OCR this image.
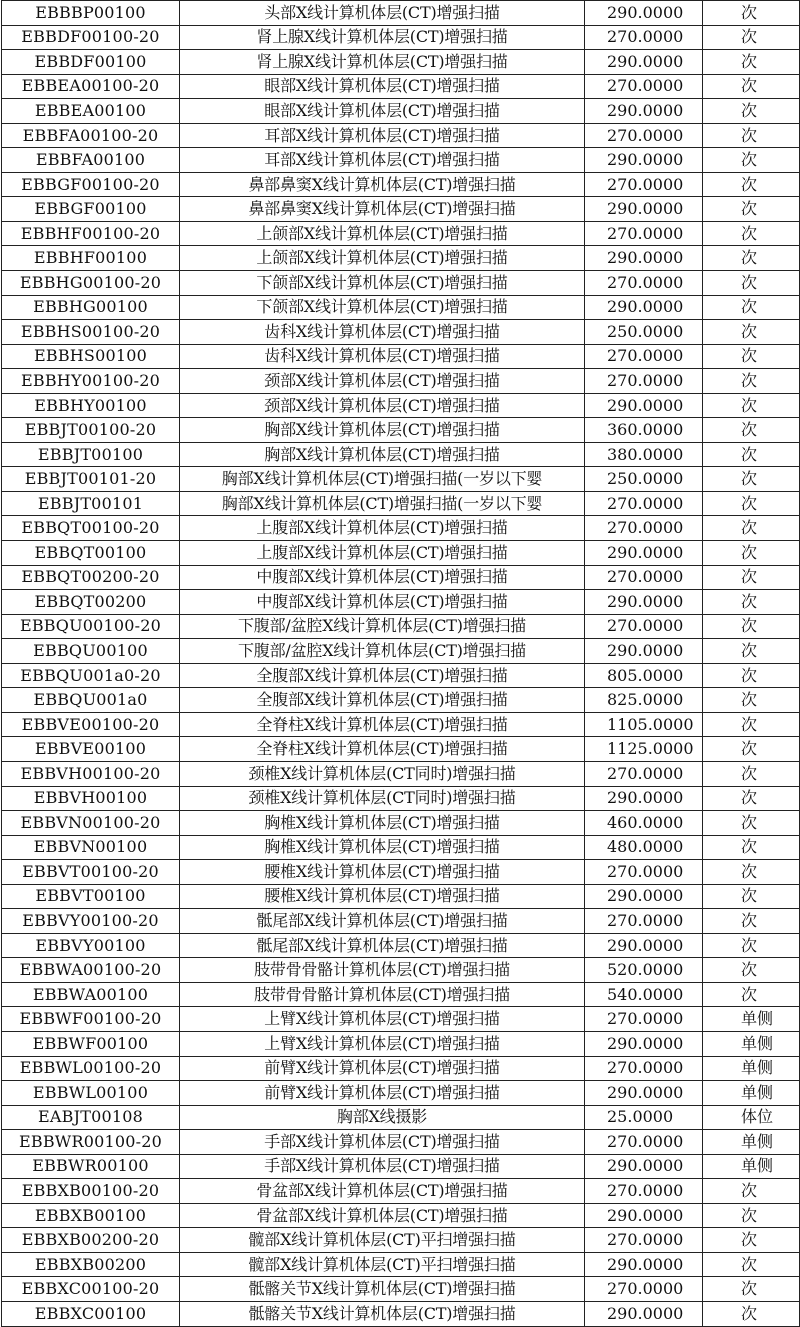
EBBBP00100	头部X线计算机体层(CT)增强扫描	290.0000	次
EBBDF00100-20	肾上腺X线计算机体层(CT)增强扫描	270.0000	次
EBBDF00100	肾上腺X线计算机体层(CT)增强扫描	290.0000	次
EBBEA00100-20	眼部X线计算机体层(CT)增强扫描	270.0000	次
EBBEA00100	眼部X线计算机体层(CT)增强扫描	290.0000	次
EBBFA00100-20	耳部X线计算机体层(CT)增强扫描	270.0000	次
EBBFA00100	耳部X线计算机体层(CT)增强扫描	290.0000	次
EBBGF00100-20	鼻部鼻窦X线计算机体层(CT)增强扫描	270.0000	次
EBBGF00100	鼻部鼻窦X线计算机体层(CT)增强扫描	290.0000	次
EBBHF00100-20	上颌部X线计算机体层(CT)增强扫描	270.0000	次
EBBHF00100	上颌部X线计算机体层(CT)增强扫描	290.0000	次
EBBHG00100-20	下颌部X线计算机体层(CT)增强扫描	270.0000	次
EBBHG00100	下颌部X线计算机体层(CT)增强扫描	290.0000	次
EBBHS00100-20	齿科X线计算机体层(CT)增强扫描	250.0000	次
EBBHS00100	齿科X线计算机体层(CT)增强扫描	270.0000	次
EBBHY00100-20	颈部X线计算机体层(CT)增强扫描	270.0000	次
EBBHY00100	颈部X线计算机体层(CT)增强扫描	290.0000	次
EBBJT00100-20	胸部X线计算机体层(CT)增强扫描	360.0000	次
EBBJT00100	胸部X线计算机体层(CT)增强扫描	380.0000	次
EBBJT00101-20	胸部X线计算机体层(CT)增强扫描(一岁以下婴	250.0000	次
EBBJT00101	胸部X线计算机体层(CT)增强扫描(一岁以下婴	270.0000	次
EBBQT00100-20	上腹部X线计算机体层(CT)增强扫描	270.0000	次
EBBQT00100	上腹部X线计算机体层(CT)增强扫描	290.0000	次
EBBQT00200-20	中腹部X线计算机体层(CT)增强扫描	270.0000	次
EBBQT00200	中腹部X线计算机体层(CT)增强扫描	290.0000	次
EBBQU00100-20	下腹部/盆腔X线计算机体层(CT)增强扫描	270.0000	次
EBBQU00100	下腹部/盆腔X线计算机体层(CT)增强扫描	290.0000	次
EBBQU001a0-20	全腹部X线计算机体层(CT)增强扫描	805.0000	次
EBBQU001a0	全腹部X线计算机体层(CT)增强扫描	825.0000	次
EBBVE00100-20	全脊柱X线计算机体层(CT)增强扫描	1105.0000	次
EBBVE00100	全脊柱X线计算机体层(CT)增强扫描	1125.0000	次
EBBVH00100-20	颈椎X线计算机体层(CT同时)增强扫描	270.0000	次
EBBVH00100	颈椎X线计算机体层(CT同时)增强扫描	290.0000	次
EBBVN00100-20	胸椎X线计算机体层(CT)增强扫描	460.0000	次
EBBVN00100	胸椎X线计算机体层(CT)增强扫描	480.0000	次
EBBVT00100-20	腰椎X线计算机体层(CT)增强扫描	270.0000	次
EBBVT00100	腰椎X线计算机体层(CT)增强扫描	290.0000	次
EBBVY00100-20	骶尾部X线计算机体层(CT)增强扫描	270.0000	次
EBBVY00100	骶尾部X线计算机体层(CT)增强扫描	290.0000	次
EBBWA00100-20	肢带骨骨骼计算机体层(CT)增强扫描	520.0000	次
EBBWA00100	肢带骨骨骼计算机体层(CT)增强扫描	540.0000	次
EBBWF00100-20	上臂X线计算机体层(CT)增强扫描	270.0000	单侧
EBBWF00100	上臂X线计算机体层(CT)增强扫描	290.0000	单侧
EBBWL00100-20	前臂X线计算机体层(CT)增强扫描	270.0000	单侧
EBBWL00100	前臂X线计算机体层(CT)增强扫描	290.0000	单侧
EABJT00108	胸部X线摄影	25.0000	体位
EBBWR00100-20	手部X线计算机体层(CT)增强扫描	270.0000	单侧
EBBWR00100	手部X线计算机体层(CT)增强扫描	290.0000	单侧
EBBXB00100-20	骨盆部X线计算机体层(CT)增强扫描	270.0000	次
EBBXB00100	骨盆部X线计算机体层(CT)增强扫描	290.0000	次
EBBXB00200-20	髋部X线计算机体层(CT)平扫增强扫描	270.0000	次
EBBXB00200	髋部X线计算机体层(CT)平扫增强扫描	290.0000	次
EBBXC00100-20	骶髂关节X线计算机体层(CT)增强扫描	270.0000	次
EBBXC00100	骶髂关节X线计算机体层(CT)增强扫描	290.0000	次
